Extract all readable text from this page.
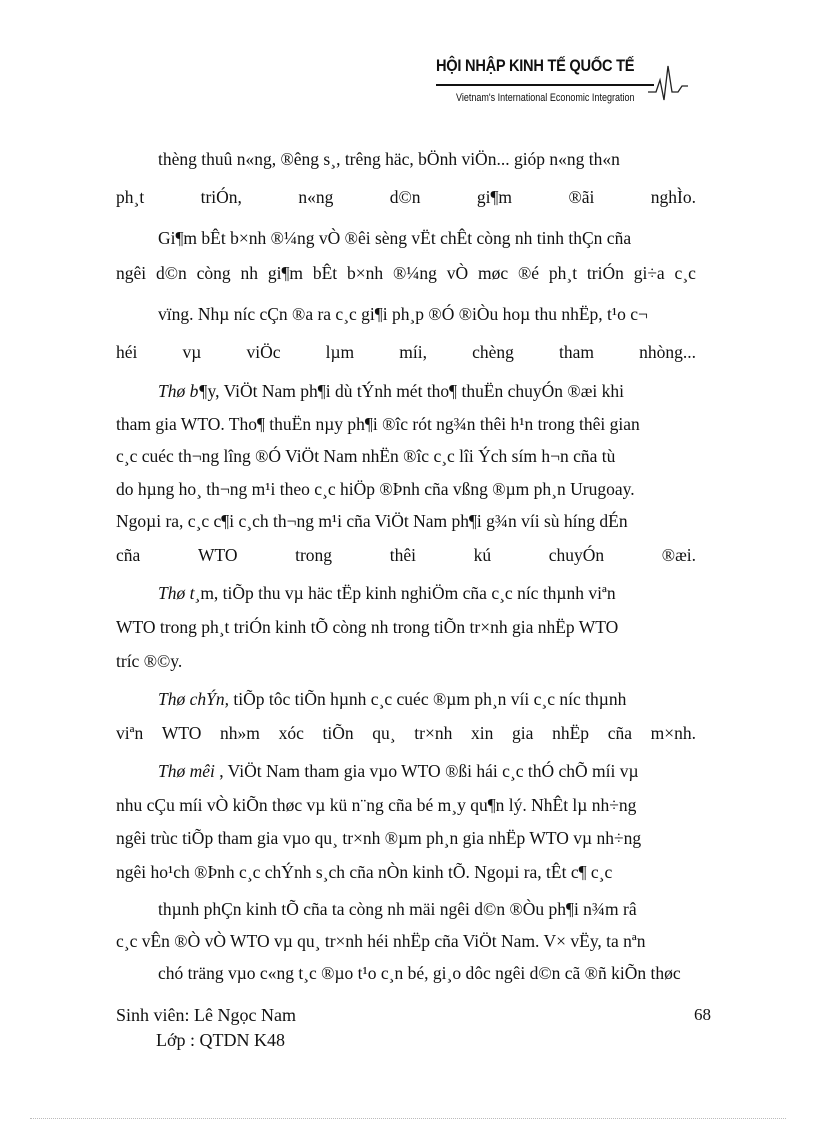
HỘI NHẬP KINH TẾ QUỐC TẾ
Vietnam's International Economic Integration
thèng thuû n«ng, ®êng s¸, trêng häc, bÖnh viÖn... gióp n«ng th«n
ph¸t	triÓn,	n«ng	d©n	gi¶m	®ãi	nghÌo.
Gi¶m bÊt b×nh ®¼ng vÒ ®êi sèng vËt chÊt còng nh tinh thÇn cña
ngêi d©n còng nh gi¶m bÊt b×nh ®¼ng vÒ møc ®é ph¸t triÓn gi÷a c¸c
vïng. Nhµ níc cÇn ®a ra c¸c gi¶i ph¸p ®Ó ®iÒu hoµ thu nhËp, t¹o c¬
héi	vµ	viÖc	lµm	míi,	chèng	tham	nhòng...
Thø b¶y, ViÖt Nam ph¶i dù tÝnh mét tho¶ thuËn chuyÓn ®æi khi
tham gia WTO. Tho¶ thuËn nµy ph¶i ®îc rót ng¾n thêi h¹n trong thêi gian
c¸c cuéc th¬ng lîng ®Ó ViÖt Nam nhËn ®îc c¸c lîi Ých sím h¬n cña tù
do hµng ho¸ th¬ng m¹i theo c¸c hiÖp ®Þnh cña vßng ®µm ph¸n Urugoay.
Ngoµi ra, c¸c c¶i c¸ch th¬ng m¹i cña ViÖt Nam ph¶i g¾n víi sù híng dÉn
cña	WTO	trong	thêi	kú	chuyÓn	®æi.
Thø t¸m, tiÕp thu vµ häc tËp kinh nghiÖm cña c¸c níc thµnh viªn
WTO trong ph¸t triÓn kinh tÕ còng nh trong tiÕn tr×nh gia nhËp WTO
tríc ®©y.
Thø chÝn, tiÕp tôc tiÕn hµnh c¸c cuéc ®µm ph¸n víi c¸c níc thµnh
viªn WTO nh»m xóc tiÕn qu¸ tr×nh xin gia nhËp cña m×nh.
Thø mêi , ViÖt Nam tham gia vµo WTO ®ßi hái c¸c thÓ chÕ míi vµ
nhu cÇu míi vÒ kiÕn thøc vµ kü n¨ng cña bé m¸y qu¶n lý. NhÊt lµ nh÷ng
ngêi trùc tiÕp tham gia vµo qu¸ tr×nh ®µm ph¸n gia nhËp WTO vµ nh÷ng
ngêi ho¹ch ®Þnh c¸c chÝnh s¸ch cña nÒn kinh tÕ. Ngoµi ra, tÊt c¶ c¸c
thµnh phÇn kinh tÕ cña ta còng nh mäi ngêi d©n ®Òu ph¶i n¾m râ
c¸c vÊn ®Ò vÒ WTO vµ qu¸ tr×nh héi nhËp cña ViÖt Nam. V× vËy, ta nªn
chó träng vµo c«ng t¸c ®µo t¹o c¸n bé, gi¸o dôc ngêi d©n cã ®ñ kiÕn thøc
Sinh viên: Lê Ngọc Nam
Lớp : QTDN K48
68
